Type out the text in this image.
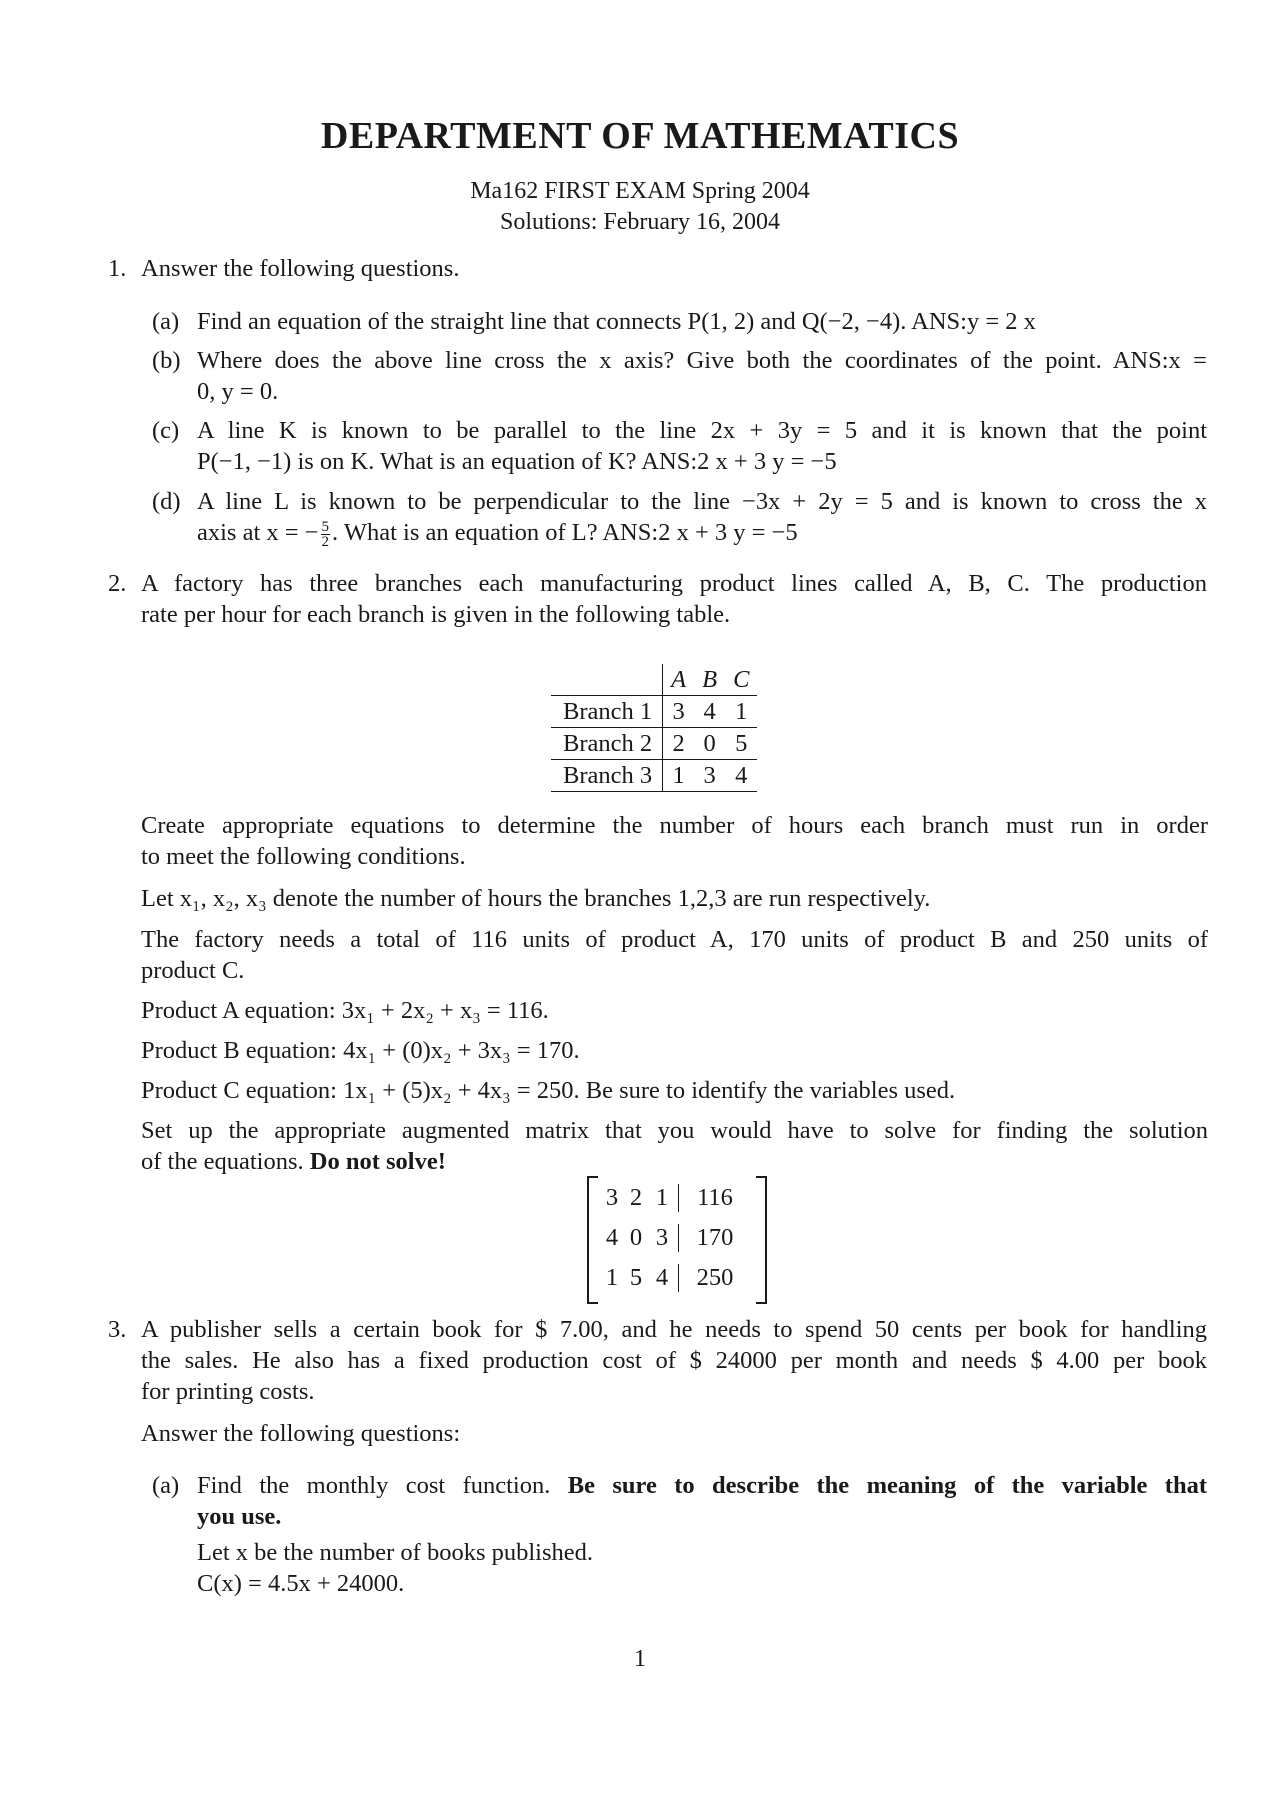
DEPARTMENT OF MATHEMATICS
Ma162 FIRST EXAM Spring 2004
Solutions: February 16, 2004
1. Answer the following questions.
(a) Find an equation of the straight line that connects P(1, 2) and Q(−2, −4). ANS:y = 2 x
(b) Where does the above line cross the x axis? Give both the coordinates of the point. ANS:x =
0, y = 0.
(c) A line K is known to be parallel to the line 2x + 3y = 5 and it is known that the point
P(−1, −1) is on K. What is an equation of K? ANS:2 x + 3 y = −5
(d) A line L is known to be perpendicular to the line −3x + 2y = 5 and is known to cross the x
axis at x = − $\frac{5}{2}$ . What is an equation of L? ANS:2 x + 3 y = −5
2. A factory has three branches each manufacturing product lines called A, B, C. The production
rate per hour for each branch is given in the following table.
	A	B	C
Branch 1	3	4	1
Branch 2	2	0	5
Branch 3	1	3	4
Create appropriate equations to determine the number of hours each branch must run in order
to meet the following conditions.
Let x₁, x₂, x₃ denote the number of hours the branches 1,2,3 are run respectively.
The factory needs a total of 116 units of product A, 170 units of product B and 250 units of
product C.
Product A equation: 3x₁ + 2x₂ + x₃ = 116.
Product B equation: 4x₁ + (0)x₂ + 3x₃ = 170.
Product C equation: 1x₁ + (5)x₂ + 4x₃ = 250. Be sure to identify the variables used.
Set up the appropriate augmented matrix that you would have to solve for finding the solution
of the equations. Do not solve!
3 2 1	116
4 0 3	170
1 5 4	250
3. A publisher sells a certain book for $ 7.00, and he needs to spend 50 cents per book for handling
the sales. He also has a fixed production cost of $ 24000 per month and needs $ 4.00 per book
for printing costs.
Answer the following questions:
(a) Find the monthly cost function. Be sure to describe the meaning of the variable that
you use.
Let x be the number of books published.
C(x) = 4.5x + 24000.
1
